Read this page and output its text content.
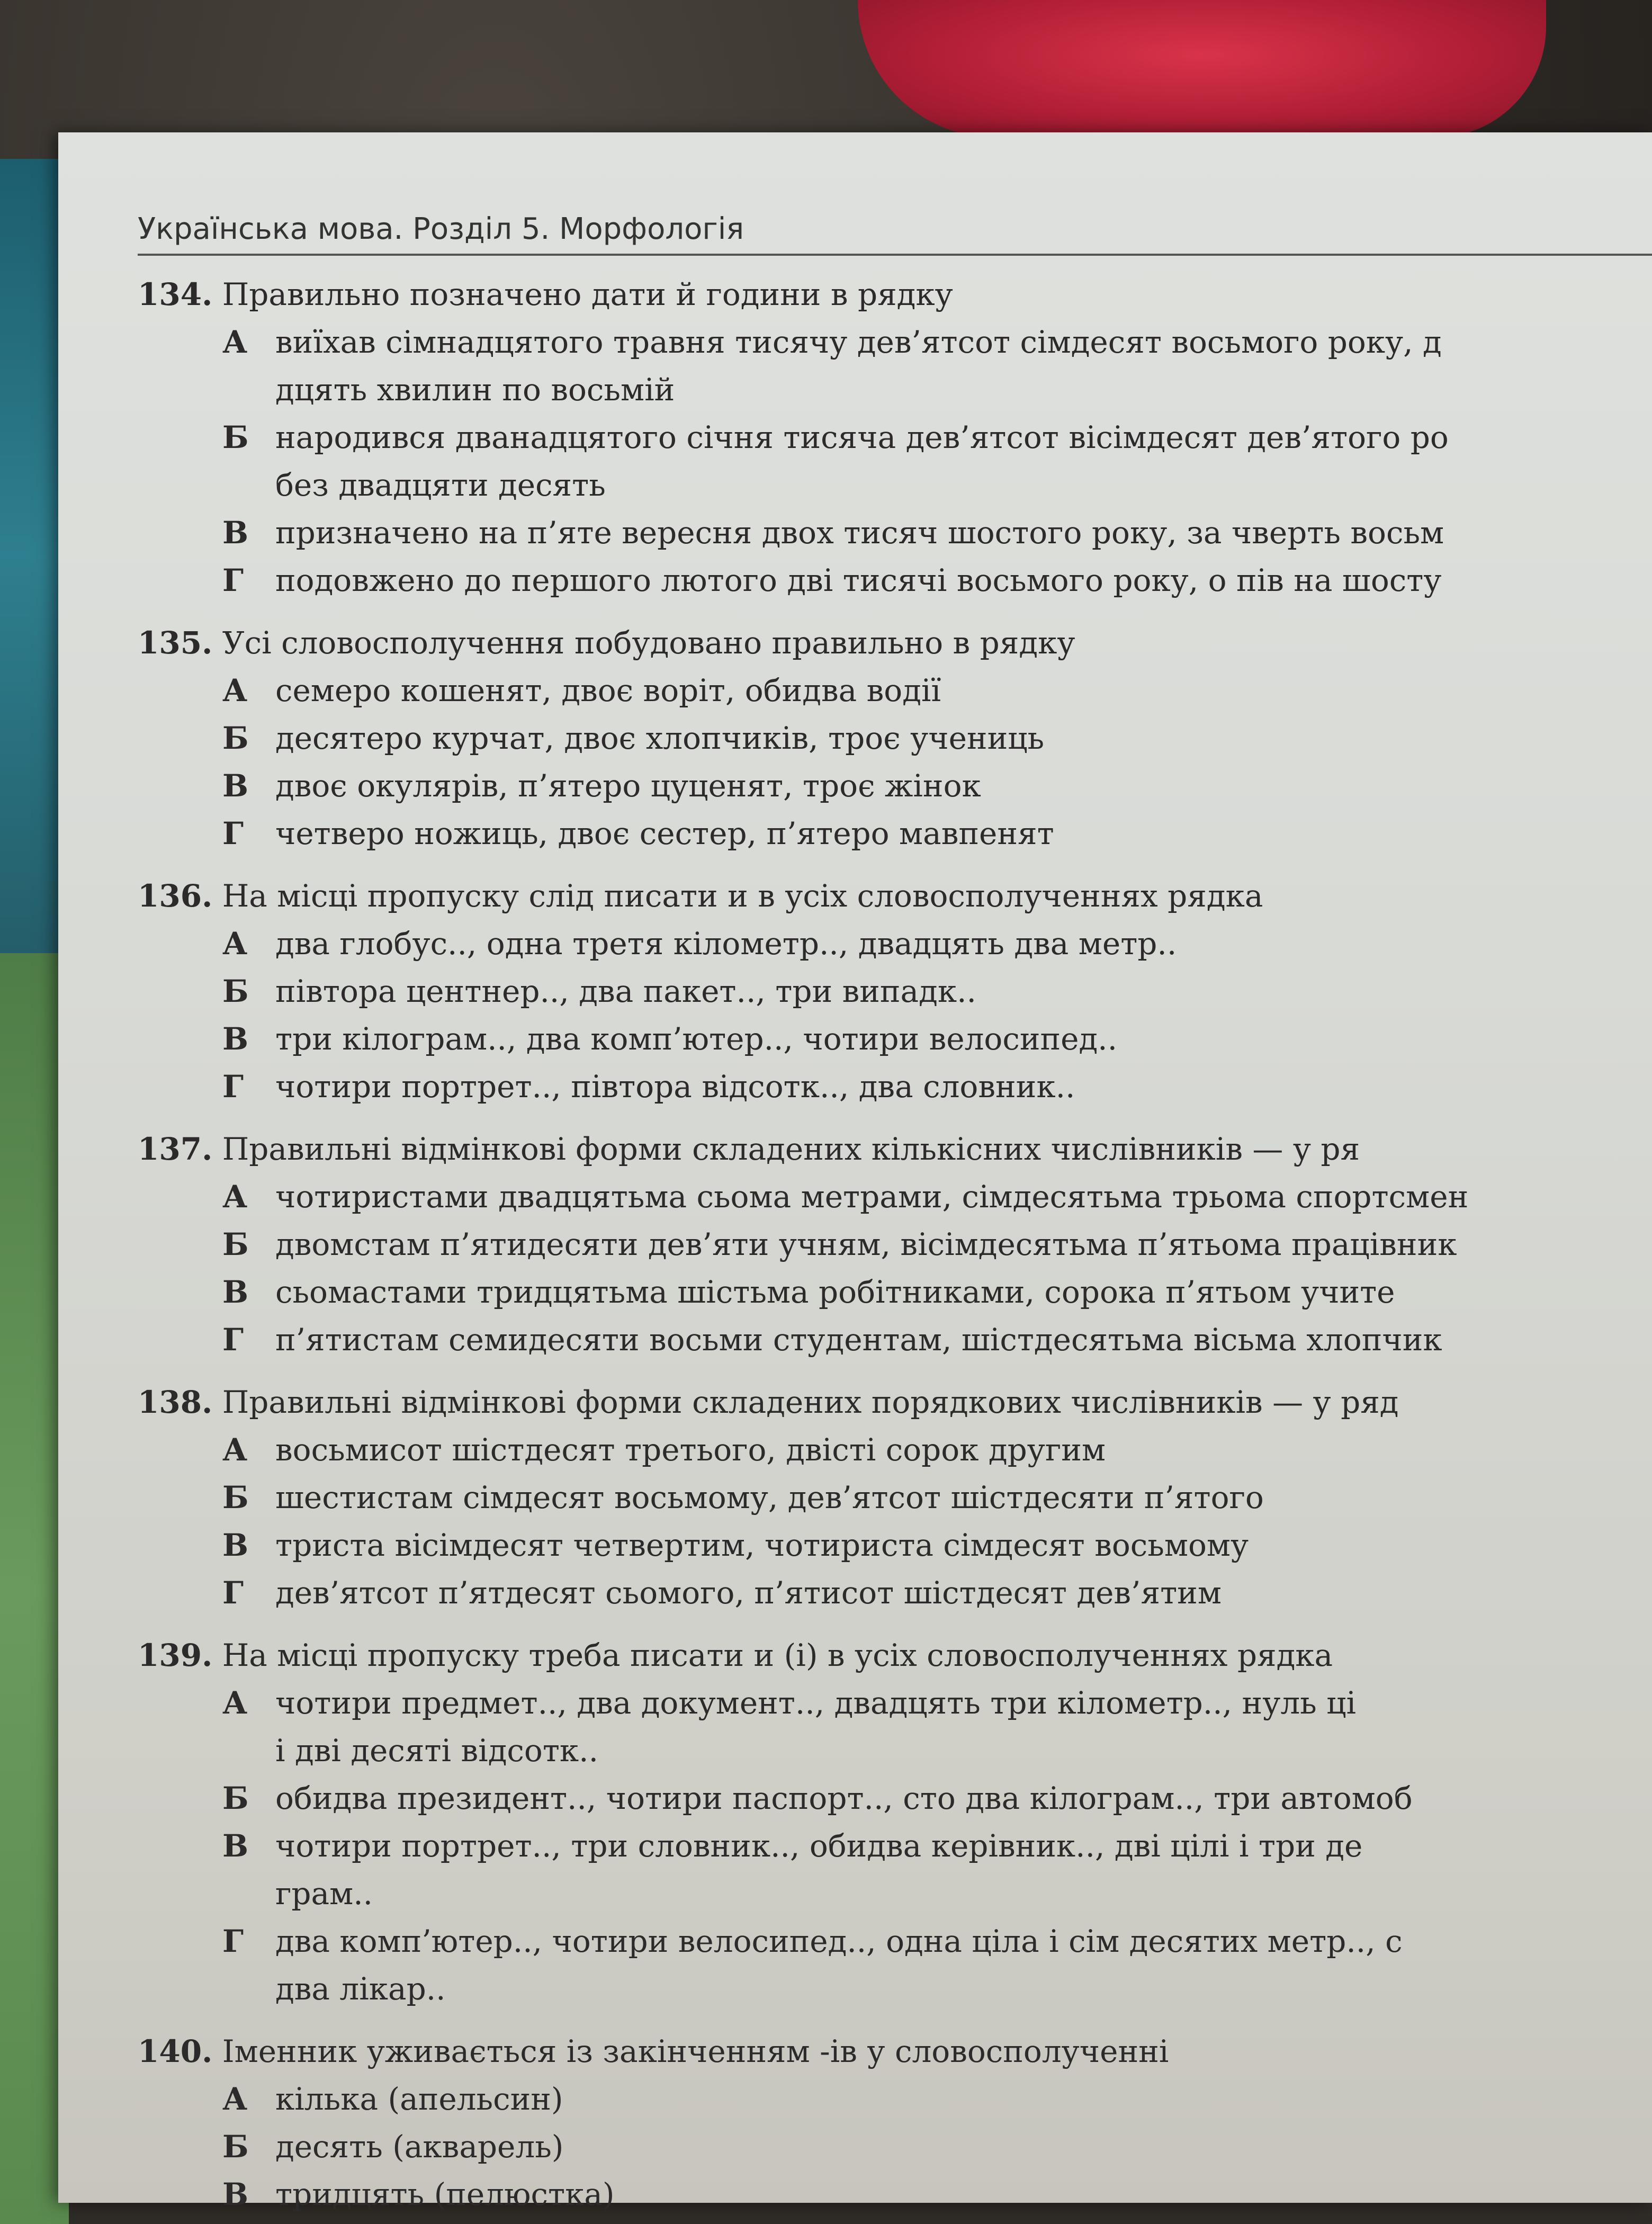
Українська мова. Розділ 5. Морфологія
134. Правильно позначено дати й години в рядку
А виїхав сімнадцятого травня тисячу дев’ятсот сімдесят восьмого року, д
дцять хвилин по восьмій
Б народився дванадцятого січня тисяча дев’ятсот вісімдесят дев’ятого ро
без двадцяти десять
В призначено на п’яте вересня двох тисяч шостого року, за чверть восьм
Г	подовжено до першого лютого дві тисячі восьмого року, о пів на шосту
135. Усі словосполучення побудовано правильно в рядку
А семеро кошенят, двоє воріт, обидва водії
Б десятеро курчат, двоє хлопчиків, троє учениць
В двоє окулярів, п’ятеро цуценят, троє жінок
Г	четверо ножиць, двоє сестер, п’ятеро мавпенят
136. На місці пропуску слід писати и в усіх словосполученнях рядка
А два глобус.., одна третя кілометр.., двадцять два метр..
Б півтора центнер.., два пакет.., три випадк..
В три кілограм.., два комп’ютер.., чотири велосипед..
Г	чотири портрет.., півтора відсотк.., два словник..
137. Правильні відмінкові форми складених кількісних числівників — у ря
А чотиристами двадцятьма сьома метрами, сімдесятьма трьома спортсмен
Б двомстам п’ятидесяти дев’яти учням, вісімдесятьма п’ятьома працівник
В сьомастами тридцятьма шістьма робітниками, сорока п’ятьом учите
Г	п’ятистам семидесяти восьми студентам, шістдесятьма вісьма хлопчик
138. Правильні відмінкові форми складених порядкових числівників — у ряд
А восьмисот шістдесят третього, двісті сорок другим
Б шестистам сімдесят восьмому, дев’ятсот шістдесяти п’ятого
В триста вісімдесят четвертим, чотириста сімдесят восьмому
Г	дев’ятсот п’ятдесят сьомого, п’ятисот шістдесят дев’ятим
139. На місці пропуску треба писати и (і) в усіх словосполученнях рядка
А чотири предмет.., два документ.., двадцять три кілометр.., нуль ці
і дві десяті відсотк..
Б обидва президент.., чотири паспорт.., сто два кілограм.., три автомоб
В чотири портрет.., три словник.., обидва керівник.., дві цілі і три де
грам..
Г	два комп’ютер.., чотири велосипед.., одна ціла і сім десятих метр.., с
два лікар..
140. Іменник уживається із закінченням -ів у словосполученні
А кілька (апельсин)
Б десять (акварель)
В тридцять (пелюстка)
